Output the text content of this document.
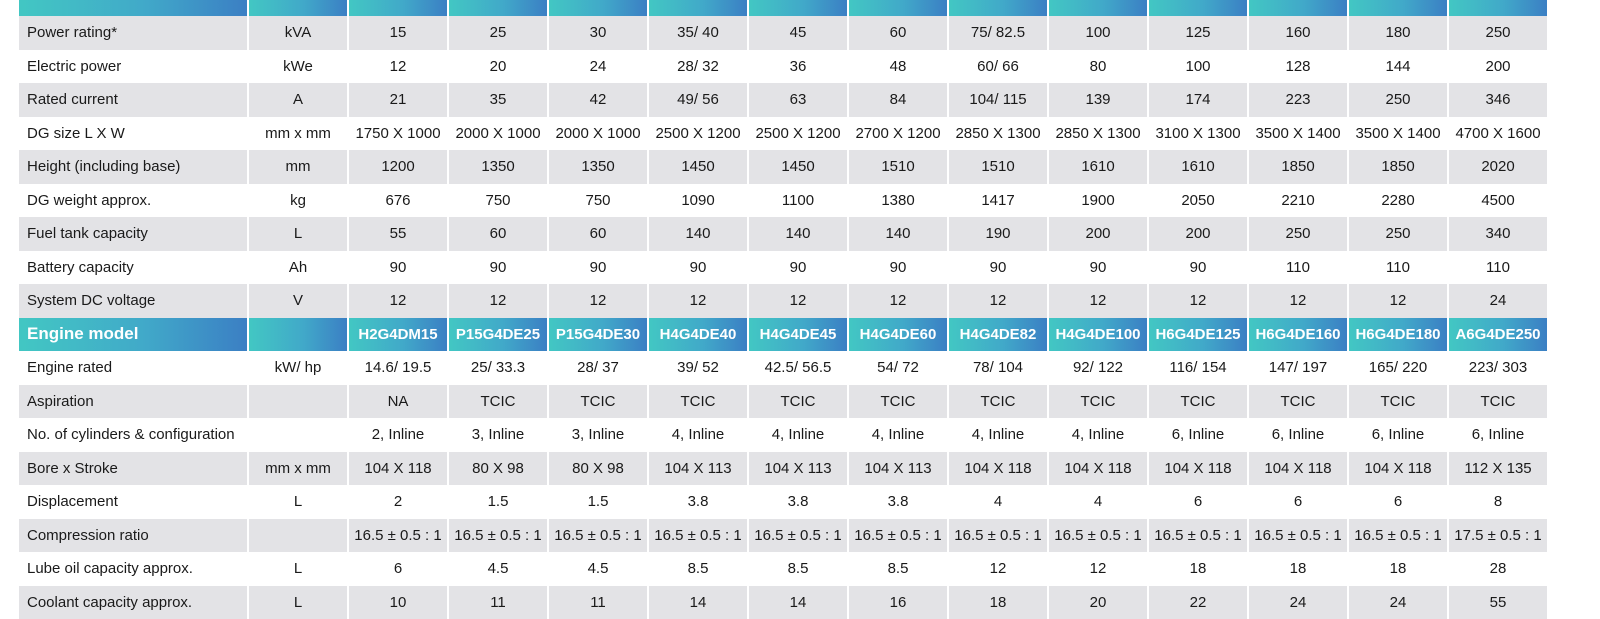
Power rating*	kVA	15	25	30	35/ 40	45	60	75/ 82.5	100	125	160	180	250
Electric power	kWe	12	20	24	28/ 32	36	48	60/ 66	80	100	128	144	200
Rated current	A	21	35	42	49/ 56	63	84	104/ 115	139	174	223	250	346
DG size L X W	mm x mm	1750 X 1000	2000 X 1000	2000 X 1000	2500 X 1200	2500 X 1200	2700 X 1200	2850 X 1300	2850 X 1300	3100 X 1300	3500 X 1400	3500 X 1400	4700 X 1600
Height (including base)	mm	1200	1350	1350	1450	1450	1510	1510	1610	1610	1850	1850	2020
DG weight approx.	kg	676	750	750	1090	1100	1380	1417	1900	2050	2210	2280	4500
Fuel tank capacity	L	55	60	60	140	140	140	190	200	200	250	250	340
Battery capacity	Ah	90	90	90	90	90	90	90	90	90	110	110	110
System DC voltage	V	12	12	12	12	12	12	12	12	12	12	12	24
Engine model		H2G4DM15	P15G4DE25	P15G4DE30	H4G4DE40	H4G4DE45	H4G4DE60	H4G4DE82	H4G4DE100	H6G4DE125	H6G4DE160	H6G4DE180	A6G4DE250
Engine rated	kW/ hp	14.6/ 19.5	25/ 33.3	28/ 37	39/ 52	42.5/ 56.5	54/ 72	78/ 104	92/ 122	116/ 154	147/ 197	165/ 220	223/ 303
Aspiration		NA	TCIC	TCIC	TCIC	TCIC	TCIC	TCIC	TCIC	TCIC	TCIC	TCIC	TCIC
No. of cylinders & configuration		2, Inline	3, Inline	3, Inline	4, Inline	4, Inline	4, Inline	4, Inline	4, Inline	6, Inline	6, Inline	6, Inline	6, Inline
Bore x Stroke	mm x mm	104 X 118	80 X 98	80 X 98	104 X 113	104 X 113	104 X 113	104 X 118	104 X 118	104 X 118	104 X 118	104 X 118	112 X 135
Displacement	L	2	1.5	1.5	3.8	3.8	3.8	4	4	6	6	6	8
Compression ratio		16.5 ± 0.5 : 1	16.5 ± 0.5 : 1	16.5 ± 0.5 : 1	16.5 ± 0.5 : 1	16.5 ± 0.5 : 1	16.5 ± 0.5 : 1	16.5 ± 0.5 : 1	16.5 ± 0.5 : 1	16.5 ± 0.5 : 1	16.5 ± 0.5 : 1	16.5 ± 0.5 : 1	17.5 ± 0.5 : 1
Lube oil capacity approx.	L	6	4.5	4.5	8.5	8.5	8.5	12	12	18	18	18	28
Coolant capacity approx.	L	10	11	11	14	14	16	18	20	22	24	24	55
